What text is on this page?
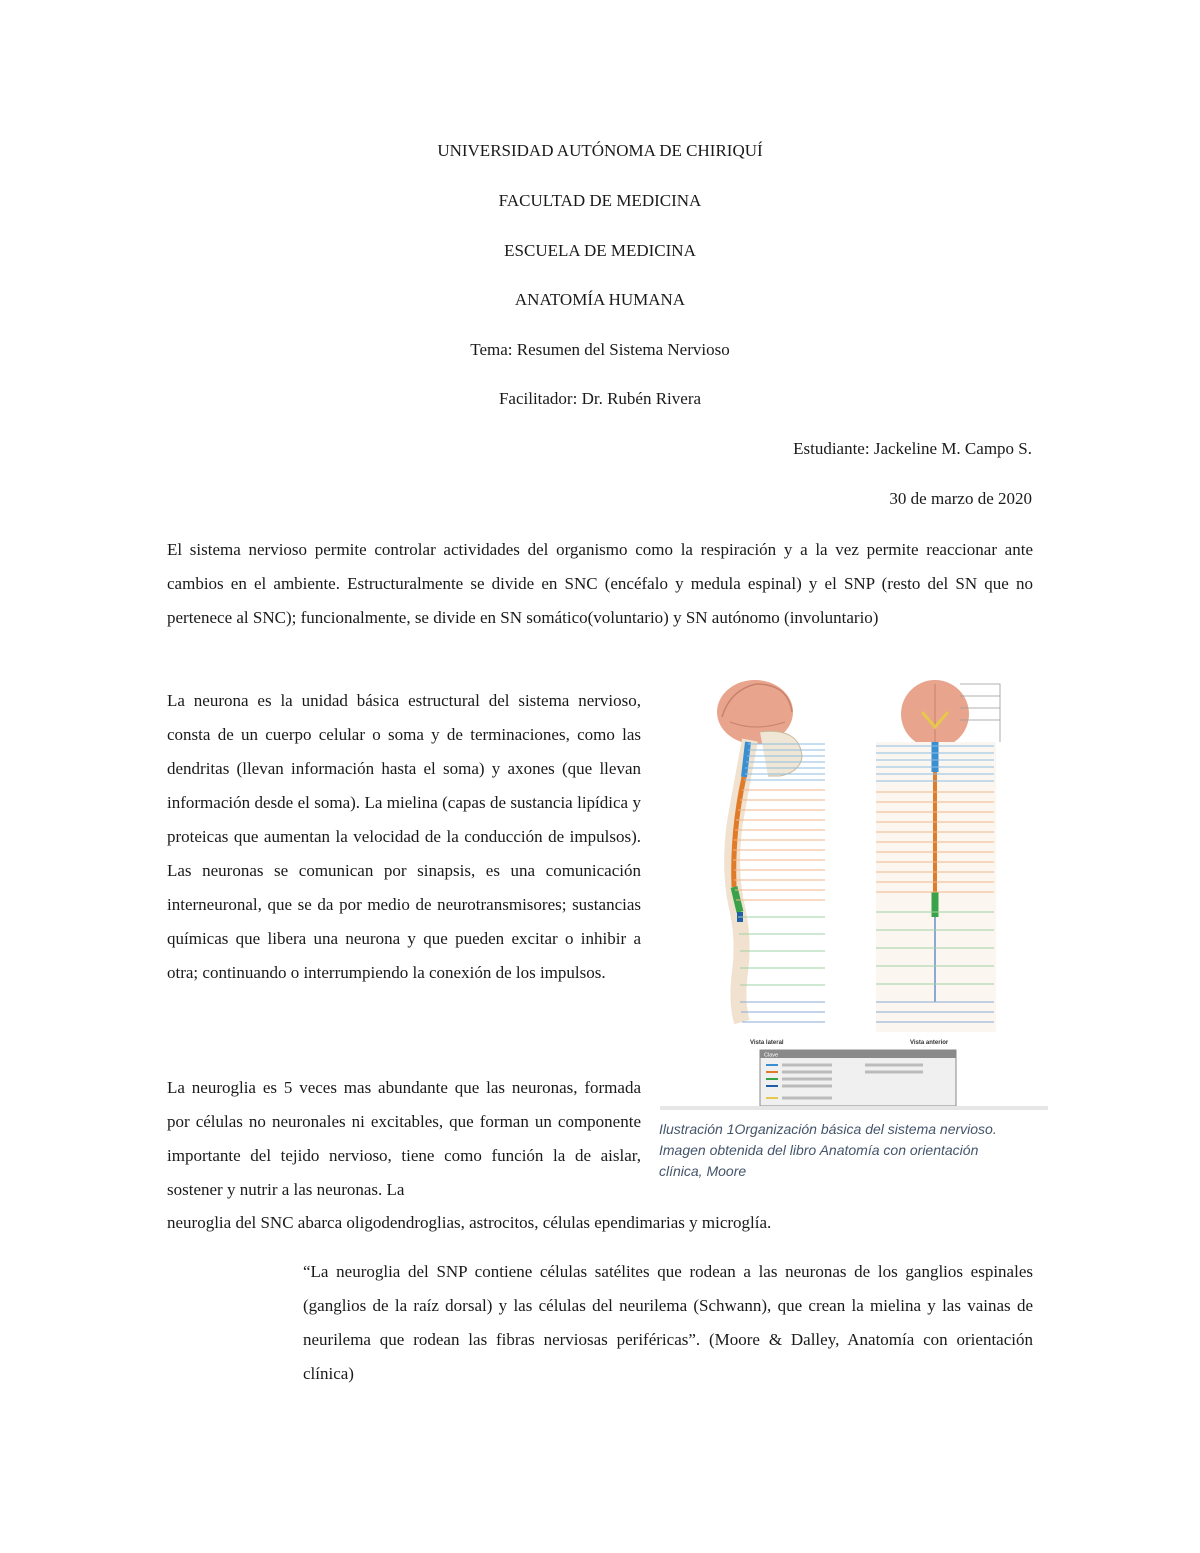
UNIVERSIDAD AUTÓNOMA DE CHIRIQUÍ
FACULTAD DE MEDICINA
ESCUELA DE MEDICINA
ANATOMÍA HUMANA
Tema: Resumen del Sistema Nervioso
Facilitador: Dr. Rubén Rivera
Estudiante: Jackeline M. Campo S.
30 de marzo de 2020

El sistema nervioso permite controlar actividades del organismo como la respiración y a la vez permite reaccionar ante cambios en el ambiente. Estructuralmente se divide en SNC (encéfalo y medula espinal) y el SNP (resto del SN que no pertenece al SNC); funcionalmente, se divide en SN somático(voluntario) y SN autónomo (involuntario)

La neurona es la unidad básica estructural del sistema nervioso, consta de un cuerpo celular o soma y de terminaciones, como las dendritas (llevan información hasta el soma) y axones (que llevan información desde el soma). La mielina (capas de sustancia lipídica y proteicas que aumentan la velocidad de la conducción de impulsos). Las neuronas se comunican por sinapsis, es una comunicación interneuronal, que se da por medio de neurotransmisores; sustancias químicas que libera una neurona y que pueden excitar o inhibir a otra; continuando o interrumpiendo la conexión de los impulsos.

La neuroglia es 5 veces mas abundante que las neuronas, formada por células no neuronales ni excitables, que forman un componente importante del tejido nervioso, tiene como función la de aislar, sostener y nutrir a las neuronas. La

neuroglia del SNC abarca oligodendroglias, astrocitos, células ependimarias y microglía.

“La neuroglia del SNP contiene células satélites que rodean a las neuronas de los ganglios espinales (ganglios de la raíz dorsal) y las células del neurilema (Schwann), que crean la mielina y las vainas de neurilema que rodean las fibras nerviosas periféricas”. (Moore & Dalley, Anatomía con orientación clínica)

Vista lateral	Vista anterior
Clave
Ilustración 1Organización básica del sistema nervioso.
Imagen obtenida del libro Anatomía con orientación
clínica, Moore
